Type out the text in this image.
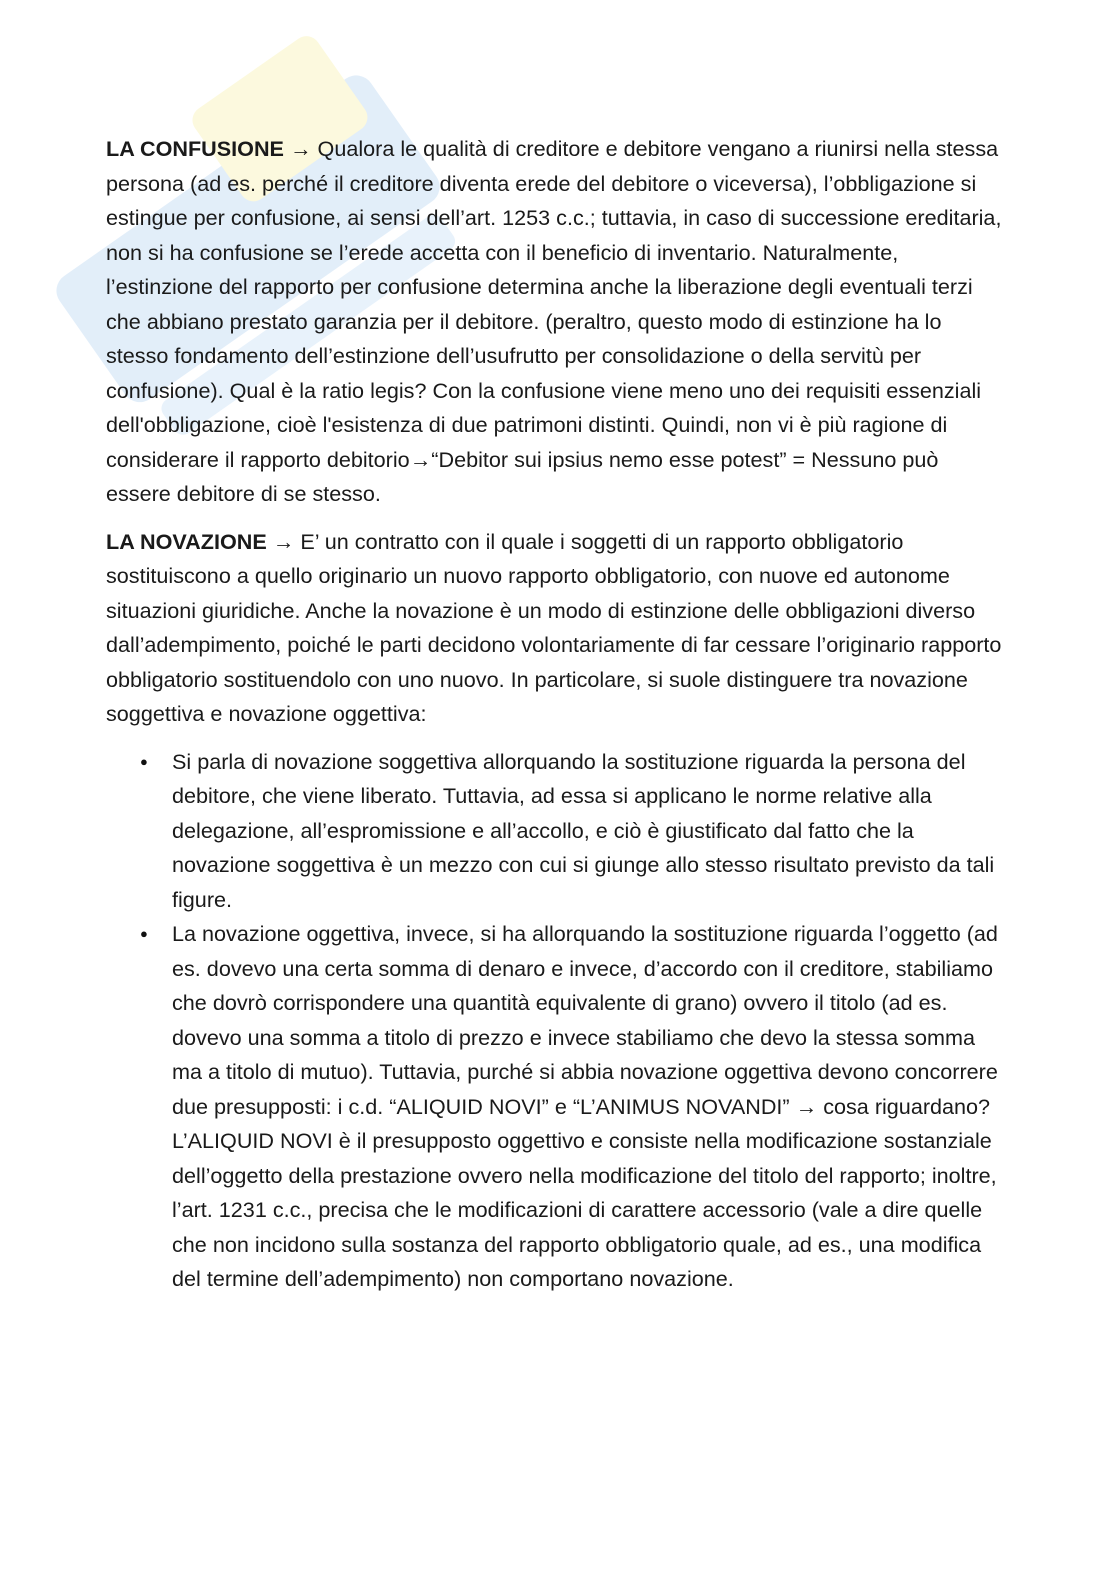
LA CONFUSIONE → Qualora le qualità di creditore e debitore vengano a riunirsi nella stessa persona (ad es. perché il creditore diventa erede del debitore o viceversa), l’obbligazione si estingue per confusione, ai sensi dell’art. 1253 c.c.; tuttavia, in caso di successione ereditaria, non si ha confusione se l’erede accetta con il beneficio di inventario. Naturalmente, l’estinzione del rapporto per confusione determina anche la liberazione degli eventuali terzi che abbiano prestato garanzia per il debitore. (peraltro, questo modo di estinzione ha lo stesso fondamento dell’estinzione dell’usufrutto per consolidazione o della servitù per confusione). Qual è la ratio legis? Con la confusione viene meno uno dei requisiti essenziali dell'obbligazione, cioè l'esistenza di due patrimoni distinti. Quindi, non vi è più ragione di considerare il rapporto debitorio→“Debitor sui ipsius nemo esse potest” = Nessuno può essere debitore di se stesso.

LA NOVAZIONE → E’ un contratto con il quale i soggetti di un rapporto obbligatorio sostituiscono a quello originario un nuovo rapporto obbligatorio, con nuove ed autonome situazioni giuridiche. Anche la novazione è un modo di estinzione delle obbligazioni diverso dall’adempimento, poiché le parti decidono volontariamente di far cessare l’originario rapporto obbligatorio sostituendolo con uno nuovo. In particolare, si suole distinguere tra novazione soggettiva e novazione oggettiva:

● Si parla di novazione soggettiva allorquando la sostituzione riguarda la persona del debitore, che viene liberato. Tuttavia, ad essa si applicano le norme relative alla delegazione, all’espromissione e all’accollo, e ciò è giustificato dal fatto che la novazione soggettiva è un mezzo con cui si giunge allo stesso risultato previsto da tali figure.
● La novazione oggettiva, invece, si ha allorquando la sostituzione riguarda l’oggetto (ad es. dovevo una certa somma di denaro e invece, d’accordo con il creditore, stabiliamo che dovrò corrispondere una quantità equivalente di grano) ovvero il titolo (ad es. dovevo una somma a titolo di prezzo e invece stabiliamo che devo la stessa somma ma a titolo di mutuo). Tuttavia, purché si abbia novazione oggettiva devono concorrere due presupposti: i c.d. “ALIQUID NOVI” e “L’ANIMUS NOVANDI” → cosa riguardano? L’ALIQUID NOVI è il presupposto oggettivo e consiste nella modificazione sostanziale dell’oggetto della prestazione ovvero nella modificazione del titolo del rapporto; inoltre, l’art. 1231 c.c., precisa che le modificazioni di carattere accessorio (vale a dire quelle che non incidono sulla sostanza del rapporto obbligatorio quale, ad es., una modifica del termine dell’adempimento) non comportano novazione.
